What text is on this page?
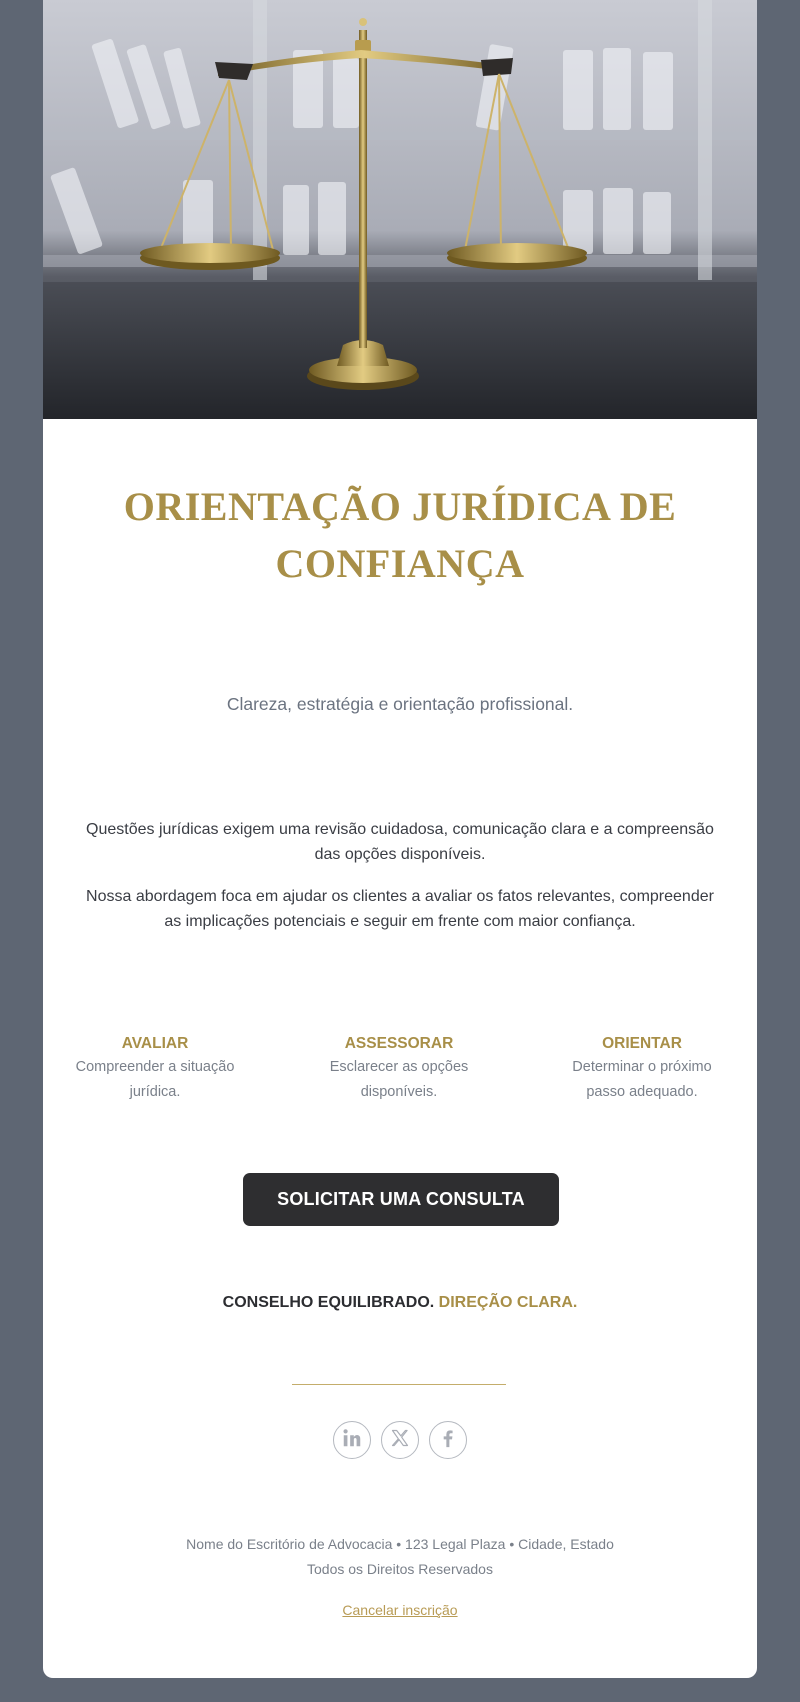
ORIENTAÇÃO JURÍDICA DE
CONFIANÇA

Clareza, estratégia e orientação profissional.

Questões jurídicas exigem uma revisão cuidadosa, comunicação clara e a compreensão das opções disponíveis.

Nossa abordagem foca em ajudar os clientes a avaliar os fatos relevantes, compreender as implicações potenciais e seguir em frente com maior confiança.

AVALIAR
Compreender a situação jurídica.
ASSESSORAR
Esclarecer as opções disponíveis.
ORIENTAR
Determinar o próximo passo adequado.
SOLICITAR UMA CONSULTA

CONSELHO EQUILIBRADO. DIREÇÃO CLARA.

Nome do Escritório de Advocacia • 123 Legal Plaza • Cidade, Estado

Todos os Direitos Reservados

Cancelar inscrição
